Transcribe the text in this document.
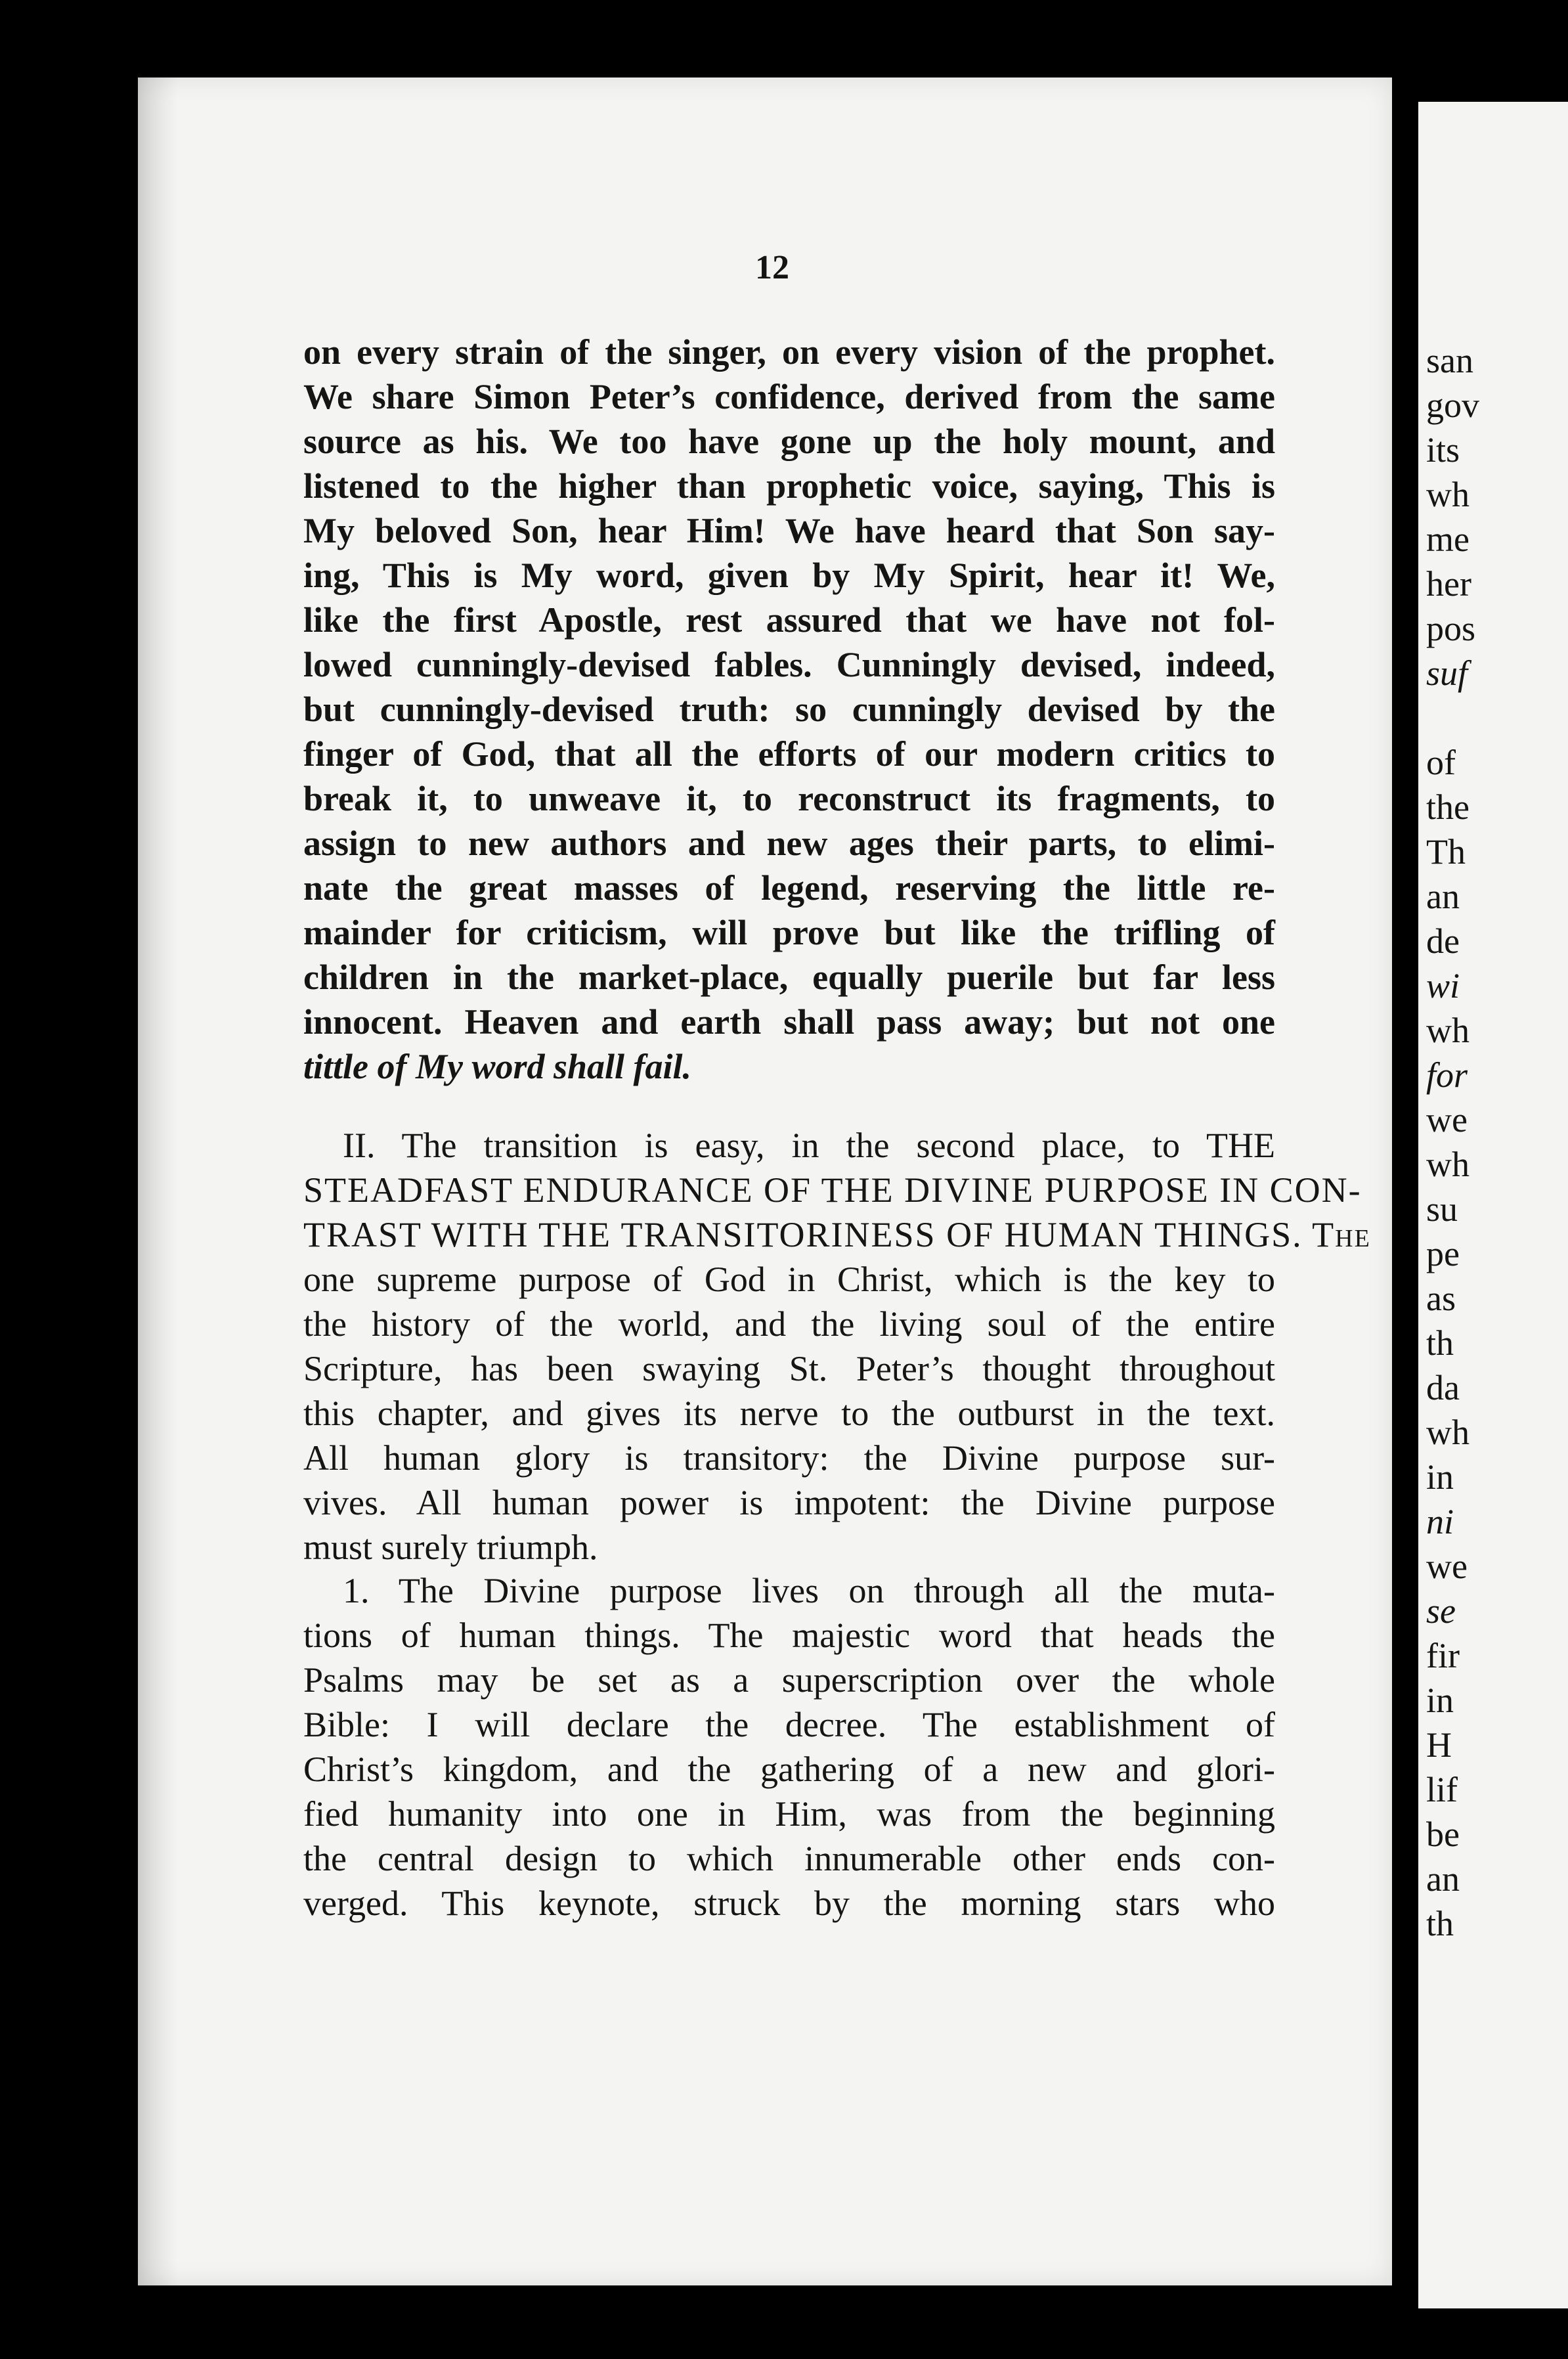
12
on every strain of the singer, on every vision of the prophet.
We share Simon Peter’s confidence, derived from the same
source as his. We too have gone up the holy mount, and
listened to the higher than prophetic voice, saying, This is
My beloved Son, hear Him! We have heard that Son say-
ing, This is My word, given by My Spirit, hear it! We,
like the first Apostle, rest assured that we have not fol-
lowed cunningly-devised fables. Cunningly devised, indeed,
but cunningly-devised truth: so cunningly devised by the
finger of God, that all the efforts of our modern critics to
break it, to unweave it, to reconstruct its fragments, to
assign to new authors and new ages their parts, to elimi-
nate the great masses of legend, reserving the little re-
mainder for criticism, will prove but like the trifling of
children in the market-place, equally puerile but far less
innocent. Heaven and earth shall pass away; but not one
tittle of My word shall fail.
II. The transition is easy, in the second place, to THE
STEADFAST ENDURANCE OF THE DIVINE PURPOSE IN CON-
TRAST WITH THE TRANSITORINESS OF HUMAN THINGS. The
one supreme purpose of God in Christ, which is the key to
the history of the world, and the living soul of the entire
Scripture, has been swaying St. Peter’s thought throughout
this chapter, and gives its nerve to the outburst in the text.
All human glory is transitory: the Divine purpose sur-
vives. All human power is impotent: the Divine purpose
must surely triumph.
1. The Divine purpose lives on through all the muta-
tions of human things. The majestic word that heads the
Psalms may be set as a superscription over the whole
Bible: I will declare the decree. The establishment of
Christ’s kingdom, and the gathering of a new and glori-
fied humanity into one in Him, was from the beginning
the central design to which innumerable other ends con-
verged. This keynote, struck by the morning stars who
san
gov
its
wh
me
her
pos
suf
of
the
Th
an
de
wi
wh
for
we
wh
su
pe
as
th
da
wh
in
ni
we
se
fir
in
H
lif
be
an
th
